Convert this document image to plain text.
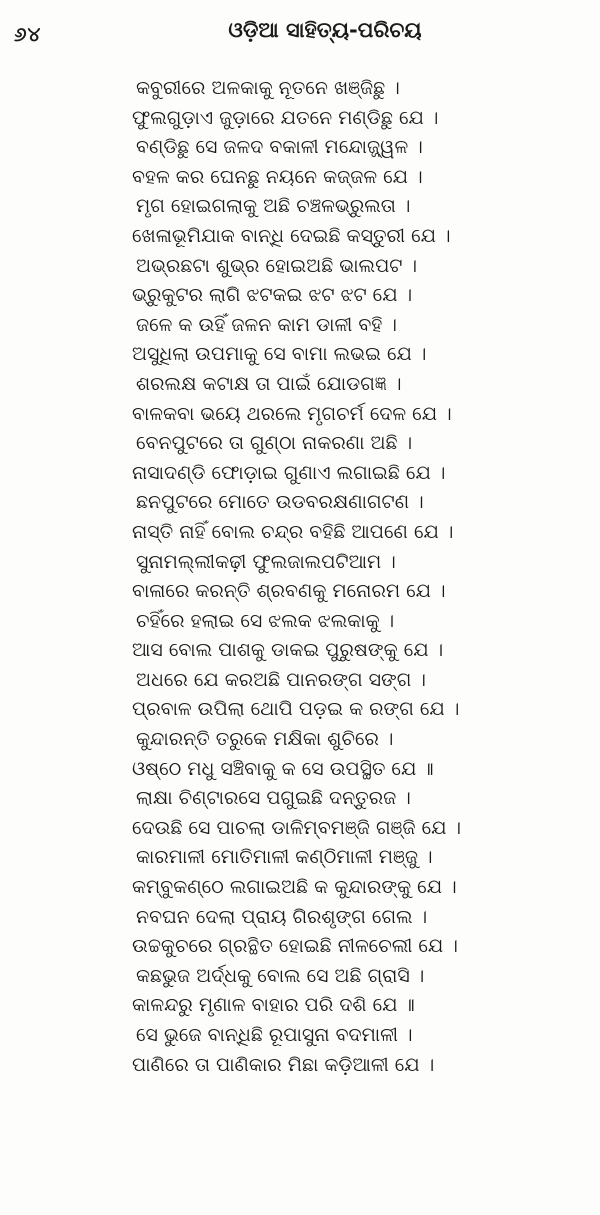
୬୪	ଓଡ଼ିଆ ସାହିତ୍ୟ-ପରିଚୟ
କବୁରୀରେ ଅଳକାକୁ ନୂତନେ ଖଞ୍ଜିଛୁ ।
ଫୁଲଗୁଡ଼ାଏ ଜୁଡ଼ାରେ ଯତନେ ମଣ୍ଡିଛୁ ଯେ ।
ବଣ୍ଡିଛୁ ସେ ଜଳଦ ବକାଳୀ ମନ୍ଦୋଜ୍ଜ୍ୱଳ ।
ବହଳ କର ଘେନଛୁ ନୟନେ କଜ୍ଜଳ ଯେ ।
ମୃଗ ହୋଇଗଲାକୁ ଅଛି ଚଞ୍ଚଳଭ୍ରୁଲତା ।
ଖେଳାଭୂମିଯାକ ବାନ୍ଧି ଦେଇଛି କସ୍ତୁରୀ ଯେ ।
ଅଭ୍ରଛଟା ଶୁଭ୍ର ହୋଇଅଛି ଭାଲପଟ ।
ଭ୍ରୁକୁଟର ଲାଗି ଝଟକଇ ଝଟ ଝଟ ଯେ ।
ଜଳେ କ ଉହିଁ ଜଳନ କାମ ଡାଳୀ ବହି ।
ଅସୁଧିଲା ଉପମାକୁ ସେ ବାମା ଲଭଇ ଯେ ।
ଶରଲକ୍ଷ କଟାକ୍ଷ ତା ପାଇଁ ଯୋଡଗଜ୍ଞ ।
ବାଳକବା ଭୟେ ଥରଲେ ମୃଗଚର୍ମ ଦେଳ ଯେ ।
ବେନପୁଟରେ ତା ଗୁଣ୍ଠା ନାକରଣା ଅଛି ।
ନାସାଦଣ୍ଡି ଫୋଡ଼ାଇ ଗୁଣାଏ ଲଗାଇଛି ଯେ ।
ଛନପୁଟରେ ମୋତେ ଉଡବରକ୍ଷଣାଗଟଣ ।
ନାସ୍ତି ନାହିଁ ବୋଲ ଚନ୍ଦ୍ର ବହିଛି ଆପଣେ ଯେ ।
ସୁନାମଲ୍ଲୀକଢ଼ୀ ଫୁଲଜାଲପଟିଆମ ।
ବାଳାରେ କରନ୍ତି ଶ୍ରବଣକୁ ମନୋରମ ଯେ ।
ଚହିଁରେ ହଲାଇ ସେ ଝଲକ ଝଲକାକୁ ।
ଆସ ବୋଲ ପାଶକୁ ଡାକଇ ପୁରୁଷଙ୍କୁ ଯେ ।
ଅଧରେ ଯେ କରଅଛି ପାନରଙ୍ଗ ସଙ୍ଗ ।
ପ୍ରବାଳ ଉପିଲା ଥୋପି ପଡ଼ଇ କ ରଙ୍ଗ ଯେ ।
କୁନ୍ଦାରନ୍ତି ତରୁକେ ମକ୍ଷିକା ଶୁଚିରେ ।
ଓଷ୍ଠେ ମଧୁ ସଞ୍ଚିବାକୁ କ ସେ ଉପସ୍ଥିତ ଯେ ॥
ଲାକ୍ଷା ଚିଣ୍ଟାରସେ ପଗୁଇଛି ଦନ୍ତୁରଜ ।
ଦେଉଛି ସେ ପାଚଲା ଡାଳିମ୍ବମଞ୍ଜି ଗଞ୍ଜି ଯେ ।
କାରମାଳୀ ମୋତିମାଳୀ କଣ୍ଠିମାଳୀ ମଞ୍ଜୁ ।
କମ୍ବୁକଣ୍ଠେ ଲଗାଇଅଛି କ କୁନ୍ଦାରଙ୍କୁ ଯେ ।
ନବଘନ ଦେଲା ପ୍ରାୟ ଗିରଶୃଙ୍ଗ ଗେଲ ।
ଉଚ୍ଚକୁଚରେ ଗ୍ରନ୍ଥିତ ହୋଇଛି ନୀଳଚେଲୀ ଯେ ।
କଛଭୁଜ ଅର୍ଦ୍ଧକୁ ବୋଲ ସେ ଅଛି ଗ୍ରାସି ।
କାଳନ୍ଦରୁ ମୃଣାଳ ବାହାର ପରି ଦଶି ଯେ ॥
ସେ ଭୁଜେ ବାନ୍ଧିଛି ରୂପାସୁନା ବଦମାଳୀ ।
ପାଣିରେ ତା ପାଣିକାର ମିଛା କଡ଼ିଆଳୀ ଯେ ।
